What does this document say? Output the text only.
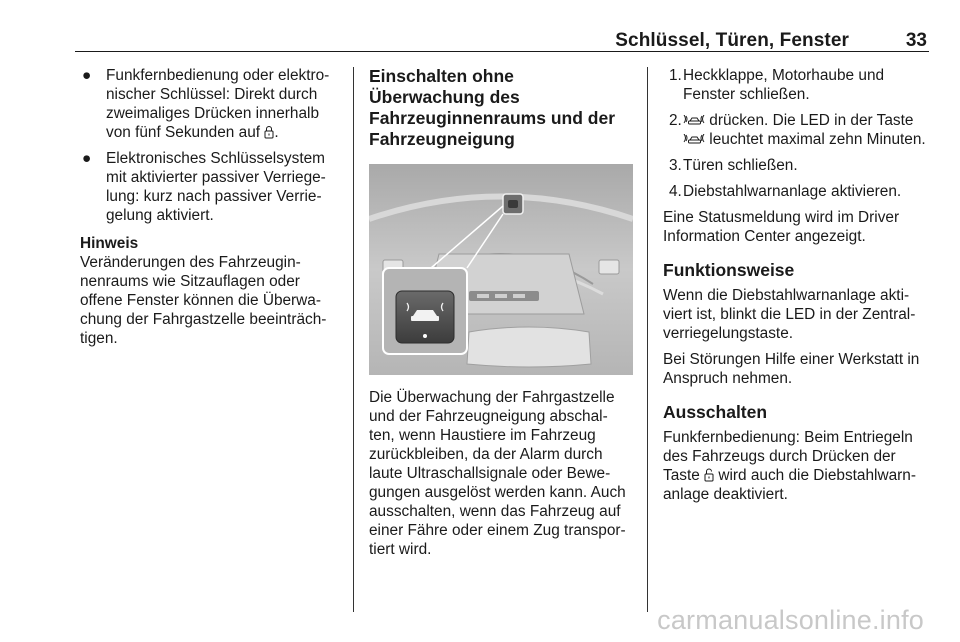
Schlüssel, Türen, Fenster	33
● Funkfernbedienung oder elektro-nischer Schlüssel: Direkt durch zweimaliges Drücken innerhalb von fünf Sekunden auf .
● Elektronisches Schlüsselsystem mit aktivierter passiver Verriege-lung: kurz nach passiver Verrie-gelung aktiviert.
Hinweis
Veränderungen des Fahrzeugin-nenraums wie Sitzauflagen oder offene Fenster können die Überwa-chung der Fahrgastzelle beeinträch-tigen.
Einschalten ohne Überwachung des Fahrzeuginnenraums und der Fahrzeugneigung
Die Überwachung der Fahrgastzelle und der Fahrzeugneigung abschal-ten, wenn Haustiere im Fahrzeug zurückbleiben, da der Alarm durch laute Ultraschallsignale oder Bewe-gungen ausgelöst werden kann. Auch ausschalten, wenn das Fahrzeug auf einer Fähre oder einem Zug transpor-tiert wird.
1. Heckklappe, Motorhaube und Fenster schließen.
2. drücken. Die LED in der Taste  leuchtet maximal zehn Minuten.
3. Türen schließen.
4. Diebstahlwarnanlage aktivieren.
Eine Statusmeldung wird im Driver Information Center angezeigt.
Funktionsweise
Wenn die Diebstahlwarnanlage akti-viert ist, blinkt die LED in der Zentral-verriegelungstaste.
Bei Störungen Hilfe einer Werkstatt in Anspruch nehmen.
Ausschalten
Funkfernbedienung: Beim Entriegeln des Fahrzeugs durch Drücken der Taste  wird auch die Diebstahlwarn-anlage deaktiviert.
carmanualsonline.info
